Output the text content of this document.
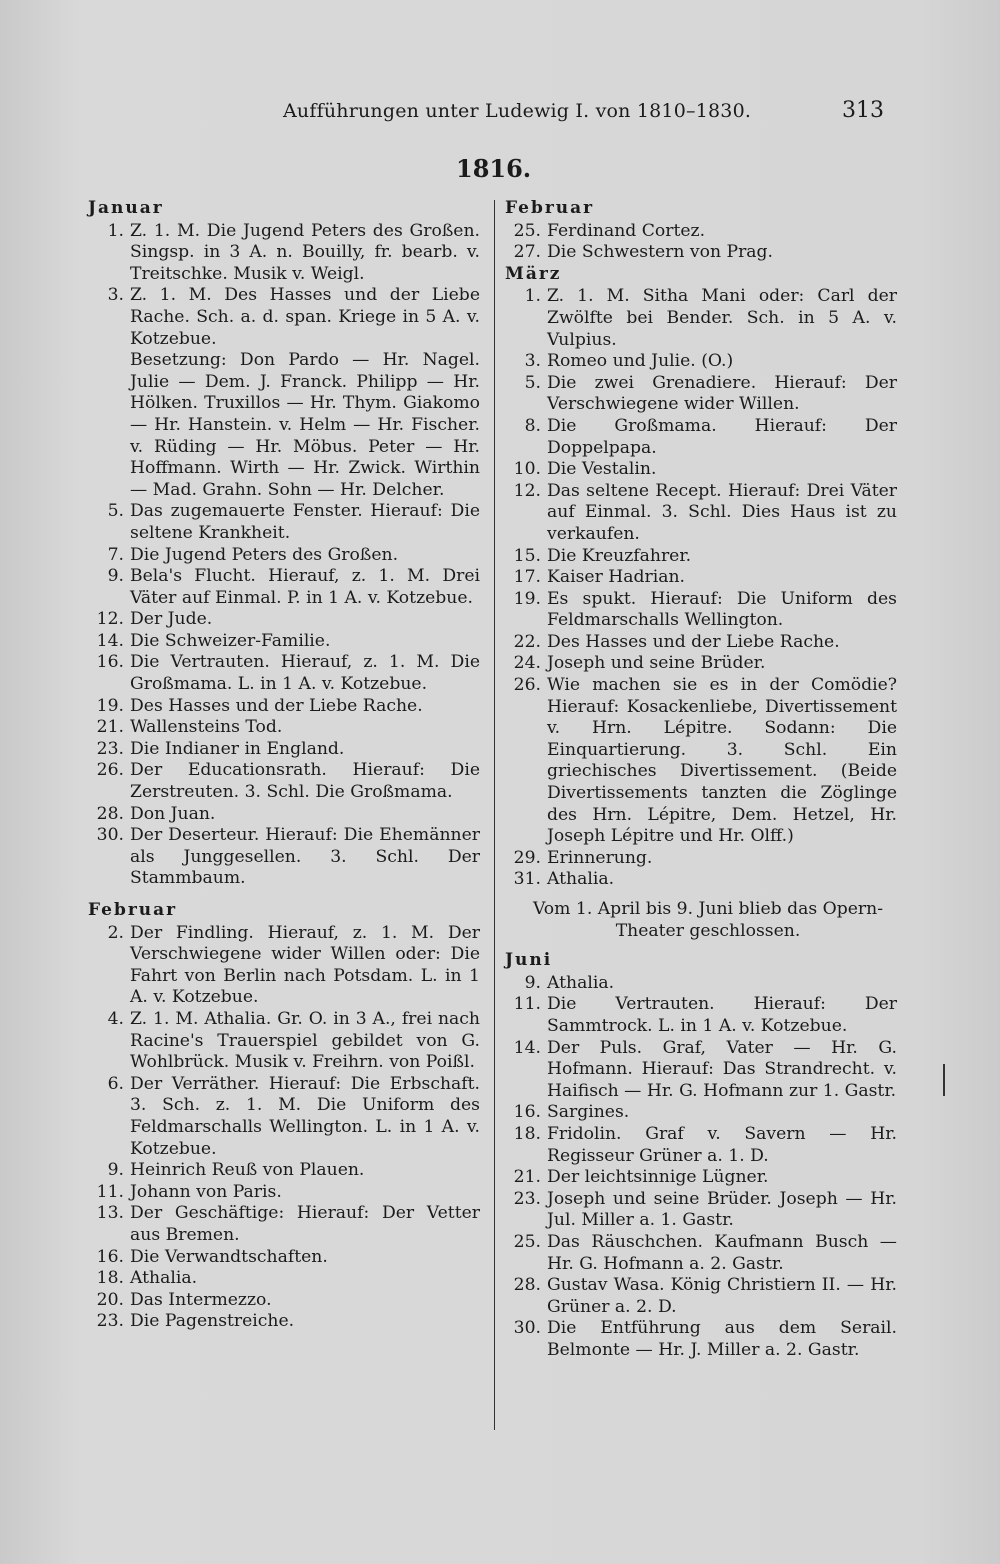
Aufführungen unter Ludewig I. von 1810–1830.	313
1816.
Januar
1. Z. 1. M. Die Jugend Peters des Großen. Singsp. in 3 A. n. Bouilly, fr. bearb. v. Treitschke. Musik v. Weigl.
3. Z. 1. M. Des Hasses und der Liebe Rache. Sch. a. d. span. Kriege in 5 A. v. Kotzebue.
Besetzung: Don Pardo — Hr. Nagel. Julie — Dem. J. Franck. Philipp — Hr. Hölken. Truxillos — Hr. Thym. Giakomo — Hr. Hanstein. v. Helm — Hr. Fischer. v. Rüding — Hr. Möbus. Peter — Hr. Hoffmann. Wirth — Hr. Zwick. Wirthin — Mad. Grahn. Sohn — Hr. Delcher.
5. Das zugemauerte Fenster. Hierauf: Die seltene Krankheit.
7. Die Jugend Peters des Großen.
9. Bela's Flucht. Hierauf, z. 1. M. Drei Väter auf Einmal. P. in 1 A. v. Kotzebue.
12. Der Jude.
14. Die Schweizer-Familie.
16. Die Vertrauten. Hierauf, z. 1. M. Die Großmama. L. in 1 A. v. Kotzebue.
19. Des Hasses und der Liebe Rache.
21. Wallensteins Tod.
23. Die Indianer in England.
26. Der Educationsrath. Hierauf: Die Zerstreuten. 3. Schl. Die Großmama.
28. Don Juan.
30. Der Deserteur. Hierauf: Die Ehemänner als Junggesellen. 3. Schl. Der Stammbaum.
Februar
2. Der Findling. Hierauf, z. 1. M. Der Verschwiegene wider Willen oder: Die Fahrt von Berlin nach Potsdam. L. in 1 A. v. Kotzebue.
4. Z. 1. M. Athalia. Gr. O. in 3 A., frei nach Racine's Trauerspiel gebildet von G. Wohlbrück. Musik v. Freihrn. von Poißl.
6. Der Verräther. Hierauf: Die Erbschaft. 3. Sch. z. 1. M. Die Uniform des Feldmarschalls Wellington. L. in 1 A. v. Kotzebue.
9. Heinrich Reuß von Plauen.
11. Johann von Paris.
13. Der Geschäftige: Hierauf: Der Vetter aus Bremen.
16. Die Verwandtschaften.
18. Athalia.
20. Das Intermezzo.
23. Die Pagenstreiche.
Februar
25. Ferdinand Cortez.
27. Die Schwestern von Prag.
März
1. Z. 1. M. Sitha Mani oder: Carl der Zwölfte bei Bender. Sch. in 5 A. v. Vulpius.
3. Romeo und Julie. (O.)
5. Die zwei Grenadiere. Hierauf: Der Verschwiegene wider Willen.
8. Die Großmama. Hierauf: Der Doppelpapa.
10. Die Vestalin.
12. Das seltene Recept. Hierauf: Drei Väter auf Einmal. 3. Schl. Dies Haus ist zu verkaufen.
15. Die Kreuzfahrer.
17. Kaiser Hadrian.
19. Es spukt. Hierauf: Die Uniform des Feldmarschalls Wellington.
22. Des Hasses und der Liebe Rache.
24. Joseph und seine Brüder.
26. Wie machen sie es in der Comödie? Hierauf: Kosackenliebe, Divertissement v. Hrn. Lépitre. Sodann: Die Einquartierung. 3. Schl. Ein griechisches Divertissement. (Beide Divertissements tanzten die Zöglinge des Hrn. Lépitre, Dem. Hetzel, Hr. Joseph Lépitre und Hr. Olff.)
29. Erinnerung.
31. Athalia.
Vom 1. April bis 9. Juni blieb das Opern-Theater geschlossen.
Juni
9. Athalia.
11. Die Vertrauten. Hierauf: Der Sammtrock. L. in 1 A. v. Kotzebue.
14. Der Puls. Graf, Vater — Hr. G. Hofmann. Hierauf: Das Strandrecht. v. Haifisch — Hr. G. Hofmann zur 1. Gastr.
16. Sargines.
18. Fridolin. Graf v. Savern — Hr. Regisseur Grüner a. 1. D.
21. Der leichtsinnige Lügner.
23. Joseph und seine Brüder. Joseph — Hr. Jul. Miller a. 1. Gastr.
25. Das Räuschchen. Kaufmann Busch — Hr. G. Hofmann a. 2. Gastr.
28. Gustav Wasa. König Christiern II. — Hr. Grüner a. 2. D.
30. Die Entführung aus dem Serail. Belmonte — Hr. J. Miller a. 2. Gastr.
